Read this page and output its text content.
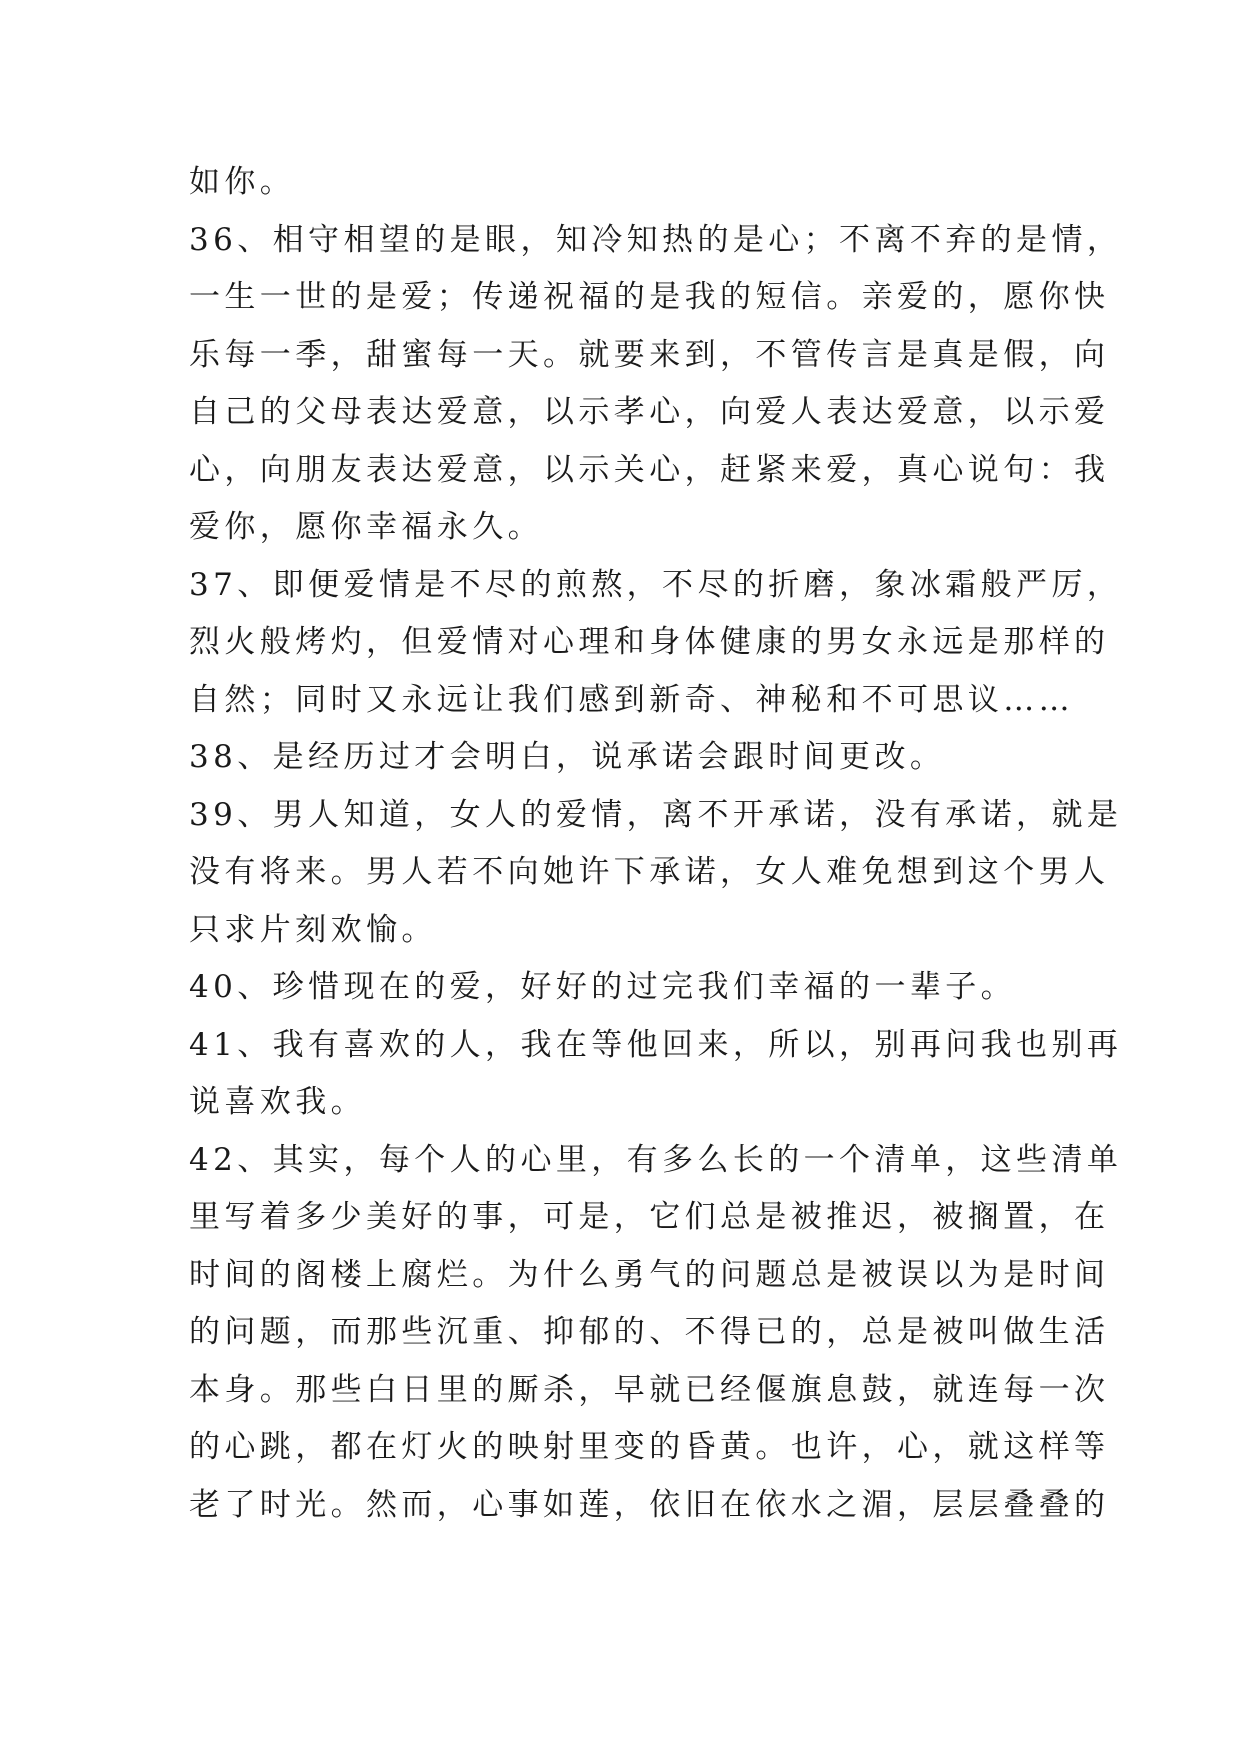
如你。
36、相守相望的是眼，知冷知热的是心；不离不弃的是情，
一生一世的是爱；传递祝福的是我的短信。亲爱的，愿你快
乐每一季，甜蜜每一天。就要来到，不管传言是真是假，向
自己的父母表达爱意，以示孝心，向爱人表达爱意，以示爱
心，向朋友表达爱意，以示关心，赶紧来爱，真心说句：我
爱你，愿你幸福永久。
37、即便爱情是不尽的煎熬，不尽的折磨，象冰霜般严厉，
烈火般烤灼，但爱情对心理和身体健康的男女永远是那样的
自然；同时又永远让我们感到新奇、神秘和不可思议……
38、是经历过才会明白，说承诺会跟时间更改。
39、男人知道，女人的爱情，离不开承诺，没有承诺，就是
没有将来。男人若不向她许下承诺，女人难免想到这个男人
只求片刻欢愉。
40、珍惜现在的爱，好好的过完我们幸福的一辈子。
41、我有喜欢的人，我在等他回来，所以，别再问我也别再
说喜欢我。
42、其实，每个人的心里，有多么长的一个清单，这些清单
里写着多少美好的事，可是，它们总是被推迟，被搁置，在
时间的阁楼上腐烂。为什么勇气的问题总是被误以为是时间
的问题，而那些沉重、抑郁的、不得已的，总是被叫做生活
本身。那些白日里的厮杀，早就已经偃旗息鼓，就连每一次
的心跳，都在灯火的映射里变的昏黄。也许，心，就这样等
老了时光。然而，心事如莲，依旧在依水之湄，层层叠叠的
